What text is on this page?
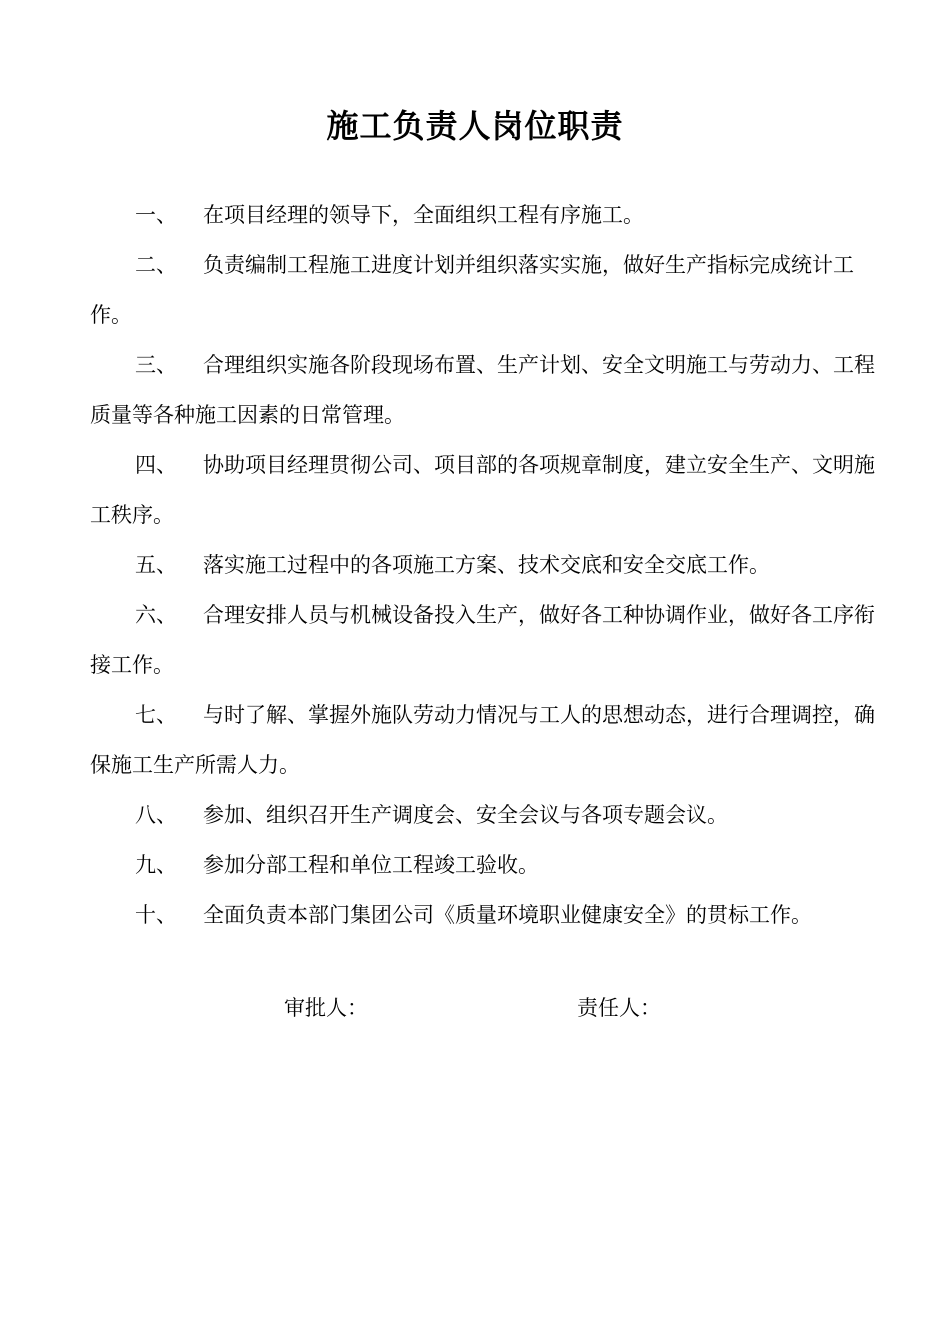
施工负责人岗位职责

一、 在项目经理的领导下，全面组织工程有序施工。

二、 负责编制工程施工进度计划并组织落实实施，做好生产指标完成统计工作。

三、 合理组织实施各阶段现场布置、生产计划、安全文明施工与劳动力、工程质量等各种施工因素的日常管理。

四、 协助项目经理贯彻公司、项目部的各项规章制度，建立安全生产、文明施工秩序。

五、 落实施工过程中的各项施工方案、技术交底和安全交底工作。

六、 合理安排人员与机械设备投入生产，做好各工种协调作业，做好各工序衔接工作。

七、 与时了解、掌握外施队劳动力情况与工人的思想动态，进行合理调控，确保施工生产所需人力。

八、 参加、组织召开生产调度会、安全会议与各项专题会议。

九、 参加分部工程和单位工程竣工验收。

十、 全面负责本部门集团公司《质量环境职业健康安全》的贯标工作。

审批人：	责任人：
